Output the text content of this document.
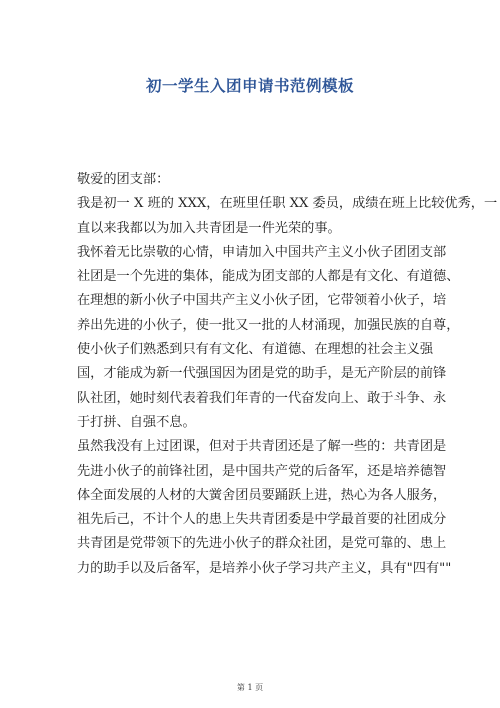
初一学生入团申请书范例模板
敬爱的团支部：
我是初一 X 班的 XXX，在班里任职 XX 委员，成绩在班上比较优秀，一
直以来我都以为加入共青团是一件光荣的事。
我怀着无比崇敬的心情，申请加入中国共产主义小伙子团团支部
社团是一个先进的集体，能成为团支部的人都是有文化、有道德、
在理想的新小伙子中国共产主义小伙子团，它带领着小伙子，培
养出先进的小伙子，使一批又一批的人材涌现，加强民族的自尊，
使小伙子们熟悉到只有有文化、有道德、在理想的社会主义强
国，才能成为新一代强国因为团是党的助手，是无产阶层的前锋
队社团，她时刻代表着我们年青的一代奋发向上、敢于斗争、永
于打拼、自强不息。
虽然我没有上过团课，但对于共青团还是了解一些的：共青团是
先进小伙子的前锋社团，是中国共产党的后备军，还是培养德智
体全面发展的人材的大黉舍团员要踊跃上进，热心为各人服务，
祖先后己，不计个人的患上失共青团委是中学最首要的社团成分
共青团是党带领下的先进小伙子的群众社团，是党可靠的、患上
力的助手以及后备军，是培养小伙子学习共产主义，具有"四有""
第 1 页
